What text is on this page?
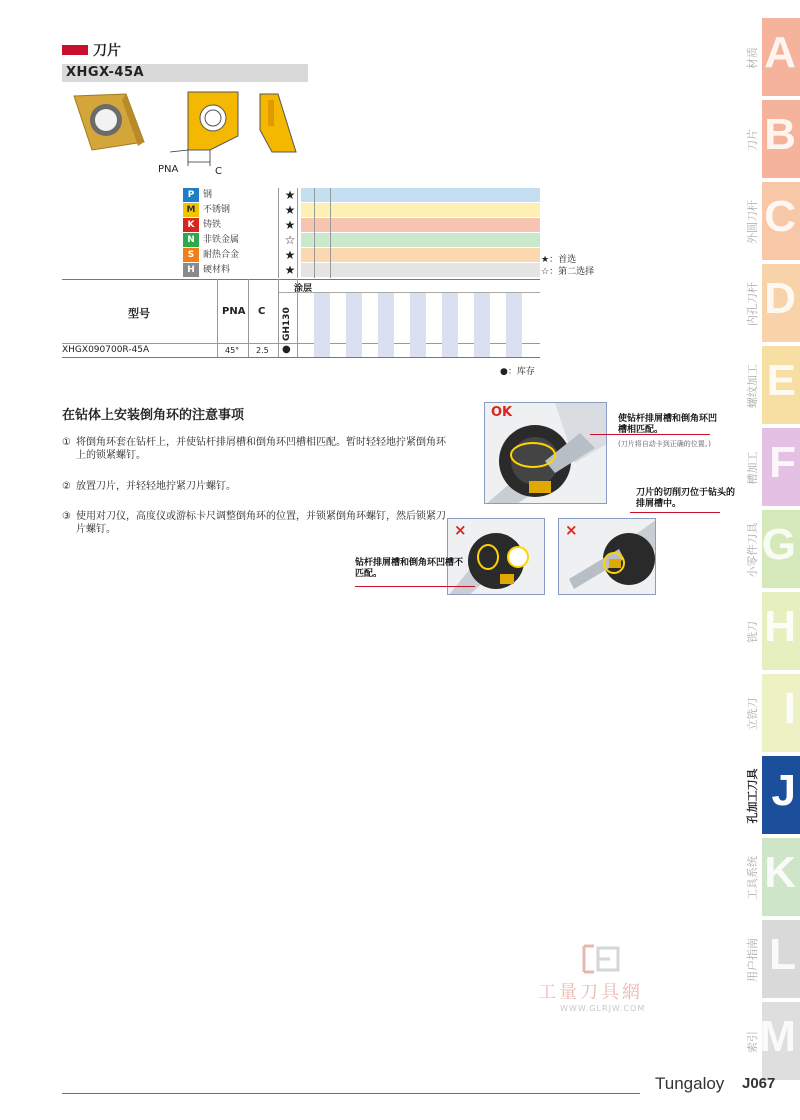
刀片
XHGX-45A
PNA	C
P 钢	★
M 不锈钢	★
K 铸铁	★
N 非铁金属	☆
S 耐热合金	★
H 硬材料	★
★：首选
☆：第二选择
型号	PNA C
涂层
GH130
XHGX090700R-45A	45° 2.5 ●
●：库存
在钻体上安装倒角环的注意事项
① 将倒角环套在钻杆上，并使钻杆排屑槽和倒角环凹槽相匹配。暂时轻轻地拧紧倒角环上的锁紧螺钉。
② 放置刀片，并轻轻地拧紧刀片螺钉。
③ 使用对刀仪，高度仪或游标卡尺调整倒角环的位置，并锁紧倒角环螺钉，然后锁紧刀片螺钉。
OK	使钻杆排屑槽和倒角环凹槽相匹配。
(刀片将自动卡到正确的位置。)
×	×
钻杆排屑槽和倒角环凹槽不匹配。
刀片的切削刃位于钻头的排屑槽中。
A
材质
B
刀片
C
外圆刀杆
D
内孔刀杆
E
螺纹加工
F
槽加工
G
小零件刀具
H
铣刀
I
立铣刀
J
孔加工刀具
K
工具系统
L
用户指南
M
索引
工量刀具網
WWW.GLRJW.COM
Tungaloy J067
